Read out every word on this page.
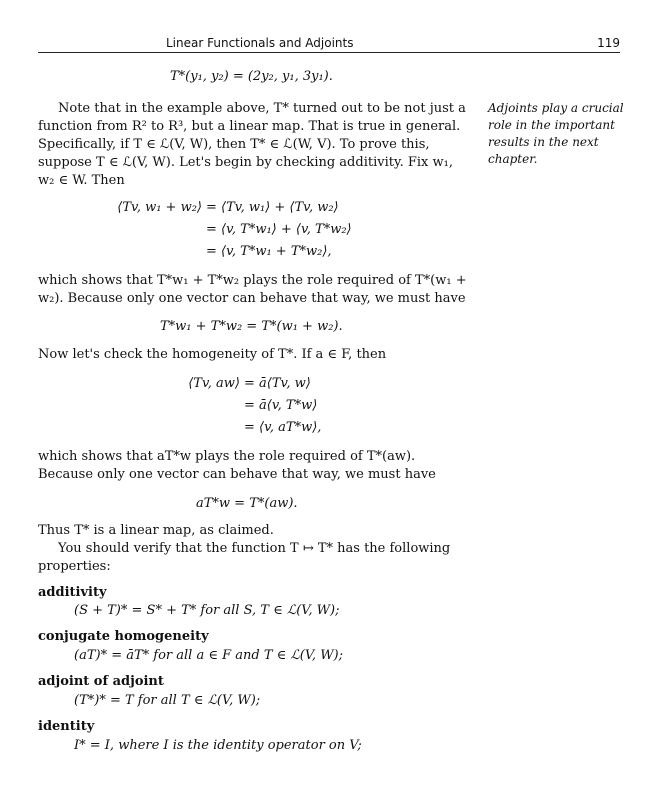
Linear Functionals and Adjoints	119
T*(y₁, y₂) = (2y₂, y₁, 3y₁).
Note that in the example above, T* turned out to be not just a function from R² to R³, but a linear map. That is true in general. Specifically, if T ∈ ℒ(V, W), then T* ∈ ℒ(W, V). To prove this, suppose T ∈ ℒ(V, W). Let's begin by checking additivity. Fix w₁, w₂ ∈ W. Then
Adjoints play a crucial role in the important results in the next chapter.
⟨Tv, w₁ + w₂⟩ = ⟨Tv, w₁⟩ + ⟨Tv, w₂⟩
= ⟨v, T*w₁⟩ + ⟨v, T*w₂⟩
= ⟨v, T*w₁ + T*w₂⟩,
which shows that T*w₁ + T*w₂ plays the role required of T*(w₁ + w₂). Because only one vector can behave that way, we must have
T*w₁ + T*w₂ = T*(w₁ + w₂).
Now let's check the homogeneity of T*. If a ∈ F, then
⟨Tv, aw⟩ = ā⟨Tv, w⟩
= ā⟨v, T*w⟩
= ⟨v, aT*w⟩,
which shows that aT*w plays the role required of T*(aw). Because only one vector can behave that way, we must have
aT*w = T*(aw).
Thus T* is a linear map, as claimed.
You should verify that the function T ↦ T* has the following properties:
additivity
(S + T)* = S* + T* for all S, T ∈ ℒ(V, W);
conjugate homogeneity
(aT)* = āT* for all a ∈ F and T ∈ ℒ(V, W);
adjoint of adjoint
(T*)* = T for all T ∈ ℒ(V, W);
identity
I* = I, where I is the identity operator on V;
